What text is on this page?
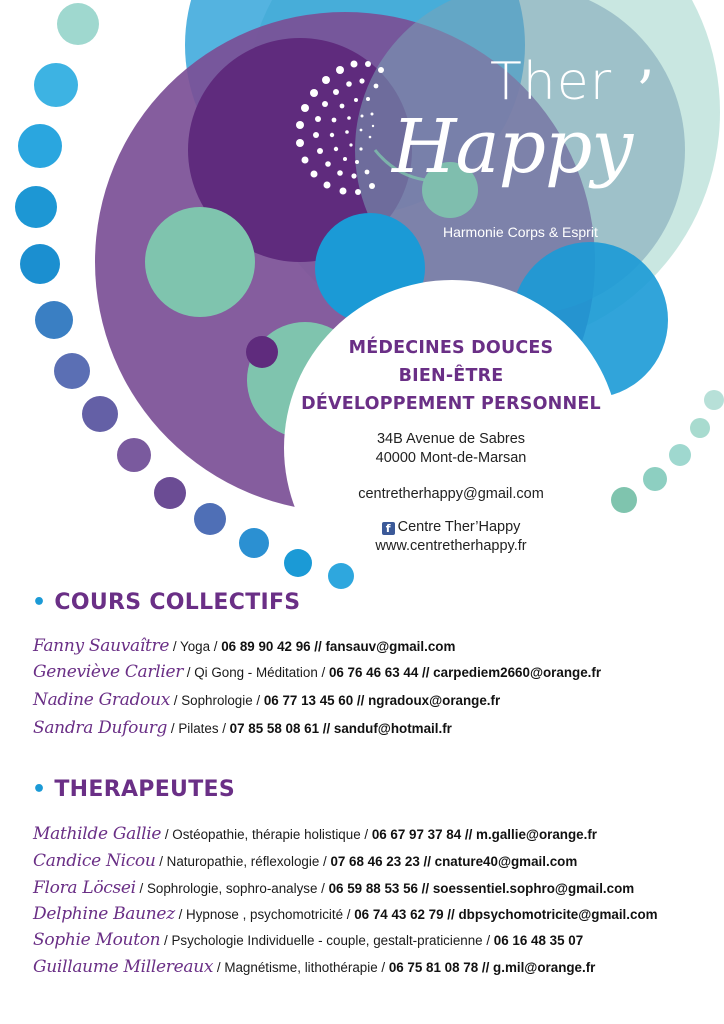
Ther ’
Happy
Harmonie Corps & Esprit
MÉDECINES DOUCES
BIEN-ÊTRE
DÉVELOPPEMENT PERSONNEL
34B Avenue de Sabres
40000 Mont-de-Marsan
centretherhappy@gmail.com
f Centre Ther’Happy
www.centretherhappy.fr
• COURS COLLECTIFS
Fanny Sauvaître / Yoga / 06 89 90 42 96 // fansauv@gmail.com
Geneviève Carlier / Qi Gong - Méditation / 06 76 46 63 44 // carpediem2660@orange.fr
Nadine Gradoux / Sophrologie / 06 77 13 45 60 // ngradoux@orange.fr
Sandra Dufourg / Pilates / 07 85 58 08 61 // sanduf@hotmail.fr
• THERAPEUTES
Mathilde Gallie / Ostéopathie, thérapie holistique / 06 67 97 37 84 // m.gallie@orange.fr
Candice Nicou / Naturopathie, réflexologie / 07 68 46 23 23 // cnature40@gmail.com
Flora Löcsei / Sophrologie, sophro-analyse / 06 59 88 53 56 // soessentiel.sophro@gmail.com
Delphine Baunez / Hypnose , psychomotricité / 06 74 43 62 79 // dbpsychomotricite@gmail.com
Sophie Mouton / Psychologie Individuelle - couple, gestalt-praticienne / 06 16 48 35 07
Guillaume Millereaux / Magnétisme, lithothérapie / 06 75 81 08 78 // g.mil@orange.fr
